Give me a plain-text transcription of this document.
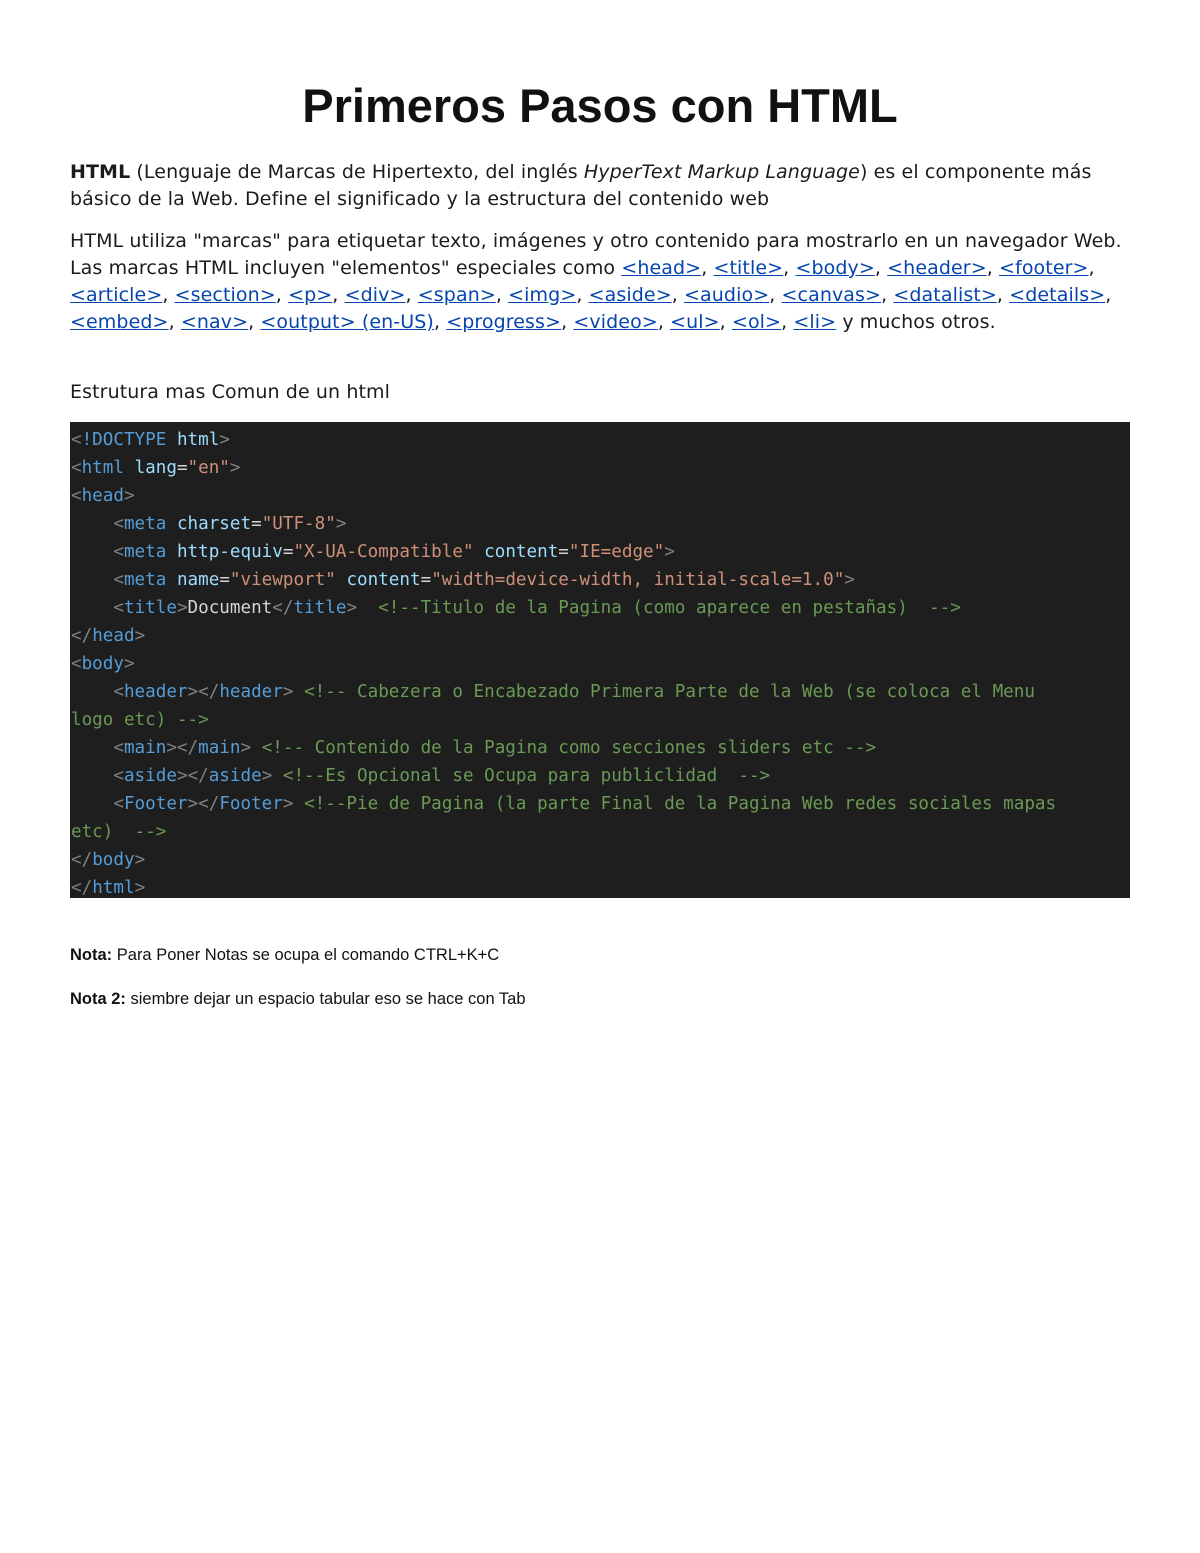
Primeros Pasos con HTML

HTML (Lenguaje de Marcas de Hipertexto, del inglés HyperText Markup Language) es el componente más básico de la Web. Define el significado y la estructura del contenido web

HTML utiliza "marcas" para etiquetar texto, imágenes y otro contenido para mostrarlo en un navegador Web. Las marcas HTML incluyen "elementos" especiales como <head>, <title>, <body>, <header>, <footer>, <article>, <section>, <p>, <div>, <span>, <img>, <aside>, <audio>, <canvas>, <datalist>, <details>, <embed>, <nav>, <output> (en-US), <progress>, <video>, <ul>, <ol>, <li> y muchos otros.

Estrutura mas Comun de un html

<!DOCTYPE html>
<html lang="en">
<head>
<meta charset="UTF-8">
<meta http-equiv="X-UA-Compatible" content="IE=edge">
<meta name="viewport" content="width=device-width, initial-scale=1.0">
<title>Document</title> <!--Titulo de la Pagina (como aparece en pestañas)  -->
</head>
<body>
<header></header> <!-- Cabezera o Encabezado Primera Parte de la Web (se coloca el Menu
logo etc) -->
<main></main> <!-- Contenido de la Pagina como secciones sliders etc -->
<aside></aside> <!--Es Opcional se Ocupa para publiclidad  -->
<Footer></Footer> <!--Pie de Pagina (la parte Final de la Pagina Web redes sociales mapas
etc)  -->
</body>
</html>

Nota: Para Poner Notas se ocupa el comando CTRL+K+C

Nota 2: siembre dejar un espacio tabular eso se hace con Tab
